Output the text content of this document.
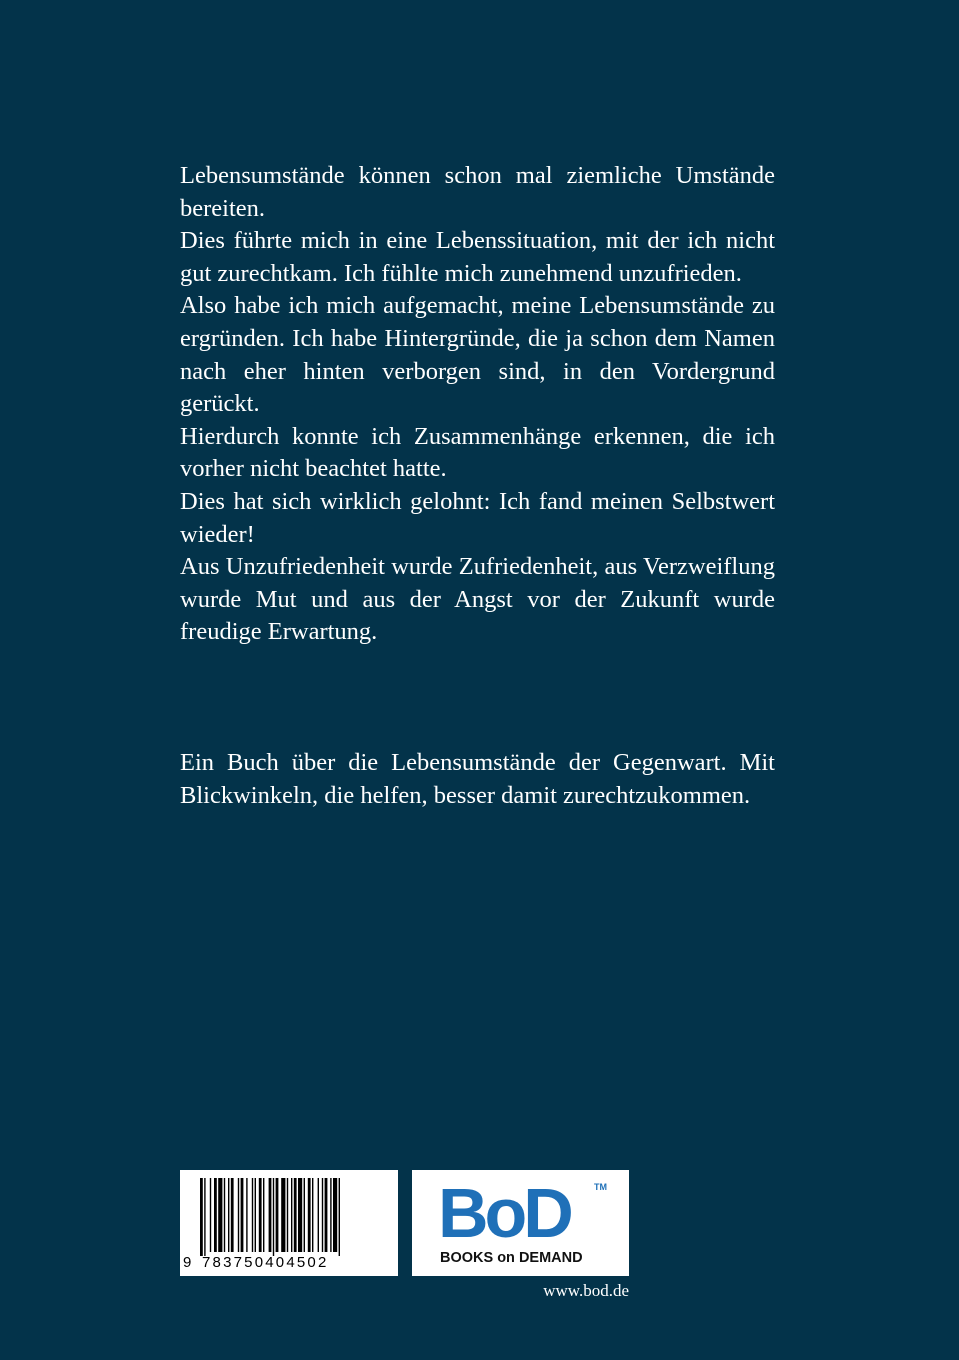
Lebensumstände können schon mal ziemliche Umstände bereiten.

Dies führte mich in eine Lebenssituation, mit der ich nicht gut zurechtkam. Ich fühlte mich zunehmend unzufrieden.

Also habe ich mich aufgemacht, meine Lebensumstände zu ergründen. Ich habe Hintergründe, die ja schon dem Namen nach eher hinten verborgen sind, in den Vordergrund gerückt.

Hierdurch konnte ich Zusammenhänge erkennen, die ich vorher nicht beachtet hatte.

Dies hat sich wirklich gelohnt: Ich fand meinen Selbstwert wieder!

Aus Unzufriedenheit wurde Zufriedenheit, aus Verzweiflung wurde Mut und aus der Angst vor der Zukunft wurde freudige Erwartung.

Ein Buch über die Lebensumstände der Gegenwart. Mit Blickwinkeln, die helfen, besser damit zurechtzukommen.

9 783750404502
BoD	TM
BOOKS on DEMAND
www.bod.de
